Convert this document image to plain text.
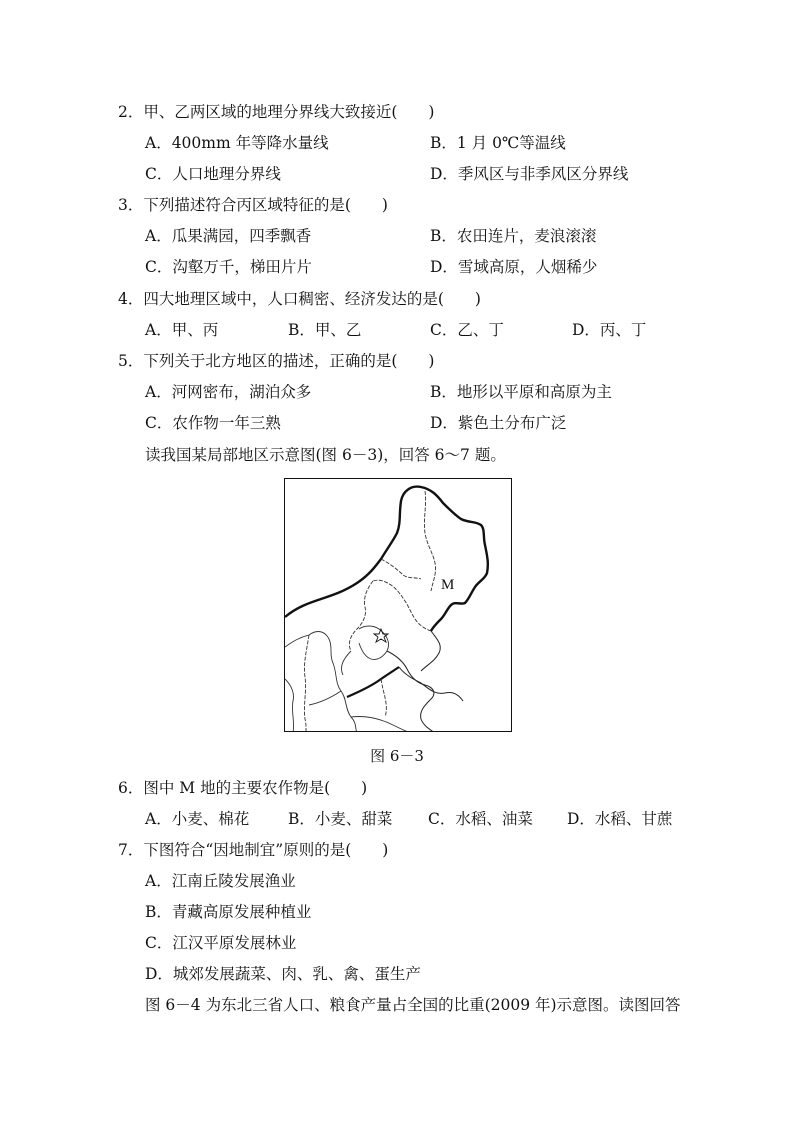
2．甲、乙两区域的地理分界线大致接近(　　)
A．400mm 年等降水量线	B．1 月 0℃等温线
C．人口地理分界线	D．季风区与非季风区分界线
3．下列描述符合丙区域特征的是(　　)
A．瓜果满园，四季飘香	B．农田连片，麦浪滚滚
C．沟壑万千，梯田片片	D．雪域高原，人烟稀少
4．四大地理区域中，人口稠密、经济发达的是(　　)
A．甲、丙	B．甲、乙	C．乙、丁	D．丙、丁
5．下列关于北方地区的描述，正确的是(　　)
A．河网密布，湖泊众多	B．地形以平原和高原为主
C．农作物一年三熟	D．紫色土分布广泛
读我国某局部地区示意图(图 6－3)，回答 6～7 题。
M
图 6－3
6．图中 M 地的主要农作物是(　　)
A．小麦、棉花	B．小麦、甜菜 C．水稻、油菜 D．水稻、甘蔗
7．下图符合“因地制宜”原则的是(　　)
A．江南丘陵发展渔业
B．青藏高原发展种植业
C．江汉平原发展林业
D．城郊发展蔬菜、肉、乳、禽、蛋生产
图 6－4 为东北三省人口、粮食产量占全国的比重(2009 年)示意图。读图回答
